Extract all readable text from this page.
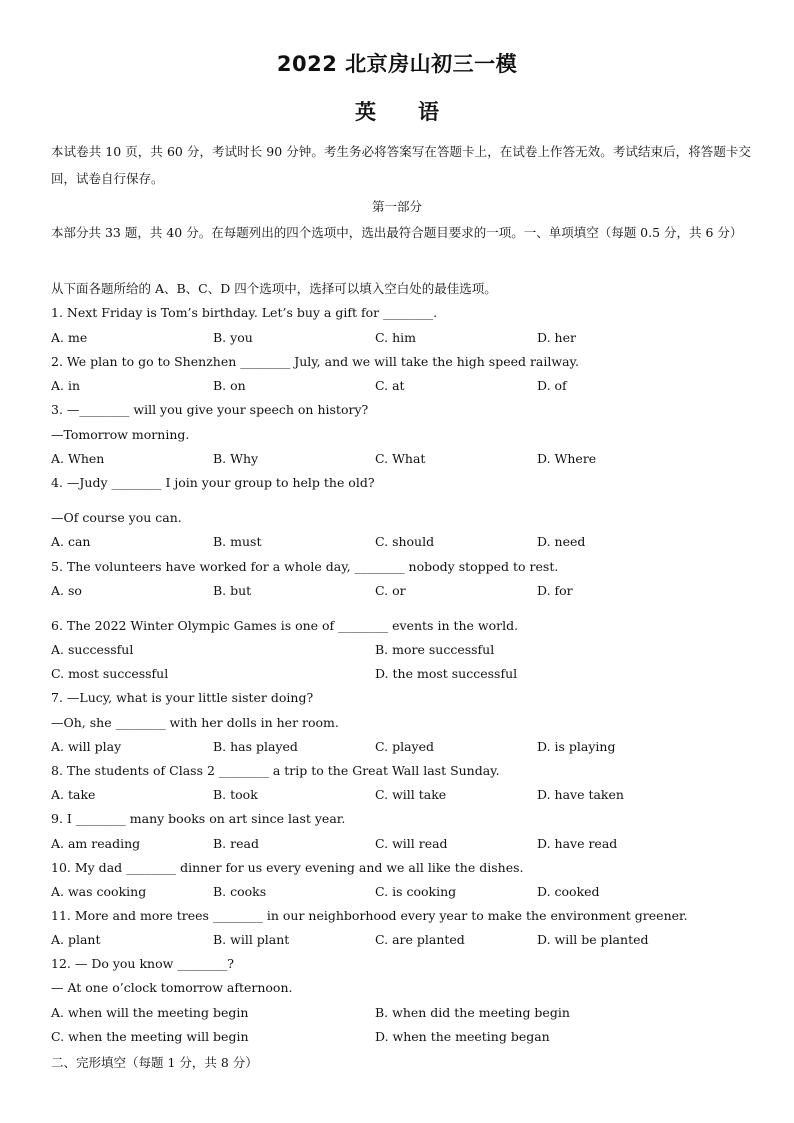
2022 北京房山初三一模
英语
本试卷共 10 页，共 60 分，考试时长 90 分钟。考生务必将答案写在答题卡上，在试卷上作答无效。考试结束后，将答题卡交回，试卷自行保存。
第一部分
本部分共 33 题，共 40 分。在每题列出的四个选项中，选出最符合题目要求的一项。一、单项填空（每题 0.5 分，共 6 分）
从下面各题所给的 A、B、C、D 四个选项中，选择可以填入空白处的最佳选项。
1. Next Friday is Tom’s birthday. Let’s buy a gift for ________.
A. me	B. you	C. him	D. her
2. We plan to go to Shenzhen ________ July, and we will take the high speed railway.
A. in	B. on	C. at	D. of
3. —________ will you give your speech on history?
—Tomorrow morning.
A. When	B. Why	C. What	D. Where
4. —Judy ________ I join your group to help the old?
—Of course you can.
A. can	B. must	C. should	D. need
5. The volunteers have worked for a whole day, ________ nobody stopped to rest.
A. so	B. but	C. or	D. for
6. The 2022 Winter Olympic Games is one of ________ events in the world.
A. successful	B. more successful
C. most successful	D. the most successful
7. —Lucy, what is your little sister doing?
—Oh, she ________ with her dolls in her room.
A. will play	B. has played	C. played	D. is playing
8. The students of Class 2 ________ a trip to the Great Wall last Sunday.
A. take	B. took	C. will take	D. have taken
9. I ________ many books on art since last year.
A. am reading	B. read	C. will read	D. have read
10. My dad ________ dinner for us every evening and we all like the dishes.
A. was cooking	B. cooks	C. is cooking	D. cooked
11. More and more trees ________ in our neighborhood every year to make the environment greener.
A. plant	B. will plant	C. are planted	D. will be planted
12. — Do you know ________?
— At one o’clock tomorrow afternoon.
A. when will the meeting begin	B. when did the meeting begin
C. when the meeting will begin	D. when the meeting began
二、完形填空（每题 1 分，共 8 分）
